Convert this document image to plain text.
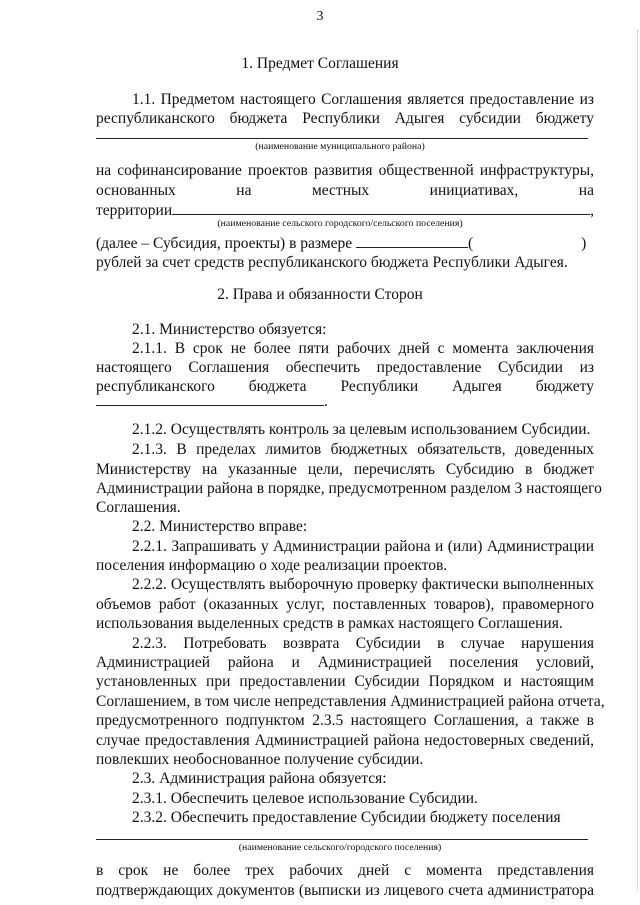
3
1. Предмет Соглашения
1.1. Предметом настоящего Соглашения является предоставление из
республиканского бюджета Республики Адыгея субсидии бюджету
(наименование муниципального района)
на софинансирование проектов развития общественной инфраструктуры,
основанных на местных инициативах, на
территории	,
(наименование сельского городского/сельского поселения)
(далее – Субсидия, проекты) в размере	(	)
рублей за счет средств республиканского бюджета Республики Адыгея.
2. Права и обязанности Сторон
2.1. Министерство обязуется:
2.1.1. В срок не более пяти рабочих дней с момента заключения
настоящего Соглашения обеспечить предоставление Субсидии из
республиканского бюджета Республики Адыгея бюджету
.
2.1.2. Осуществлять контроль за целевым использованием Субсидии.
2.1.3. В пределах лимитов бюджетных обязательств, доведенных
Министерству на указанные цели, перечислять Субсидию в бюджет
Администрации района в порядке, предусмотренном разделом 3 настоящего
Соглашения.
2.2. Министерство вправе:
2.2.1. Запрашивать у Администрации района и (или) Администрации
поселения информацию о ходе реализации проектов.
2.2.2. Осуществлять выборочную проверку фактически выполненных
объемов работ (оказанных услуг, поставленных товаров), правомерного
использования выделенных средств в рамках настоящего Соглашения.
2.2.3. Потребовать возврата Субсидии в случае нарушения
Администрацией района и Администрацией поселения условий,
установленных при предоставлении Субсидии Порядком и настоящим
Соглашением, в том числе непредставления Администрацией района отчета,
предусмотренного подпунктом 2.3.5 настоящего Соглашения, а также в
случае предоставления Администрацией района недостоверных сведений,
повлекших необоснованное получение субсидии.
2.3. Администрация района обязуется:
2.3.1. Обеспечить целевое использование Субсидии.
2.3.2. Обеспечить предоставление Субсидии бюджету поселения
(наименование сельского/городского поселения)
в срок не более трех рабочих дней с момента представления
подтверждающих документов (выписки из лицевого счета администратора
